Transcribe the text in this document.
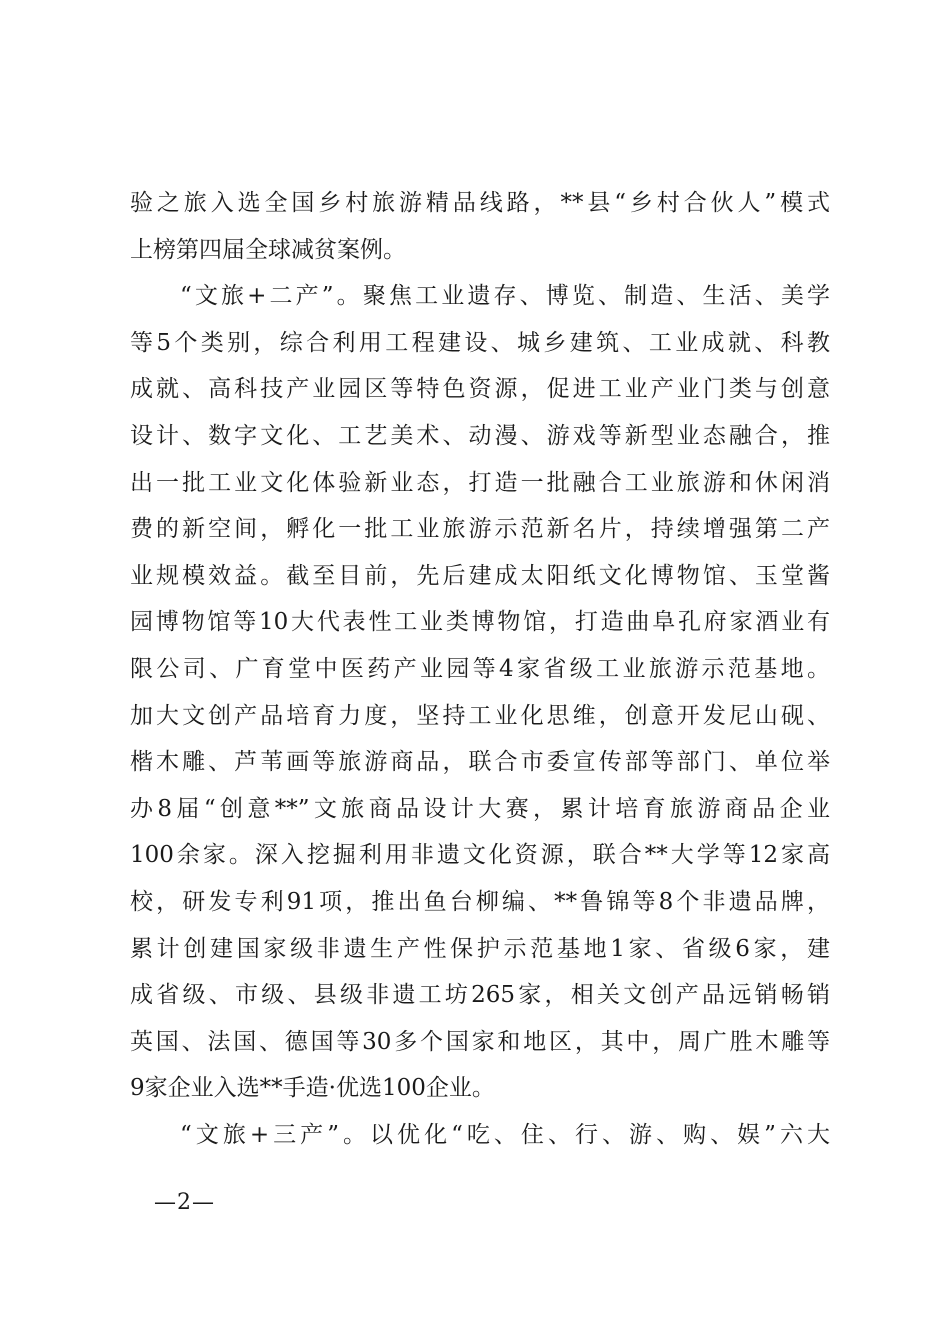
验之旅入选全国乡村旅游精品线路，**县“乡村合伙人”模式
上榜第四届全球减贫案例。
“文旅+二产”。聚焦工业遗存、博览、制造、生活、美学
等5个类别，综合利用工程建设、城乡建筑、工业成就、科教
成就、高科技产业园区等特色资源，促进工业产业门类与创意
设计、数字文化、工艺美术、动漫、游戏等新型业态融合，推
出一批工业文化体验新业态，打造一批融合工业旅游和休闲消
费的新空间，孵化一批工业旅游示范新名片，持续增强第二产
业规模效益。截至目前，先后建成太阳纸文化博物馆、玉堂酱
园博物馆等10大代表性工业类博物馆，打造曲阜孔府家酒业有
限公司、广育堂中医药产业园等4家省级工业旅游示范基地。
加大文创产品培育力度，坚持工业化思维，创意开发尼山砚、
楷木雕、芦苇画等旅游商品，联合市委宣传部等部门、单位举
办8届“创意**”文旅商品设计大赛，累计培育旅游商品企业
100余家。深入挖掘利用非遗文化资源，联合**大学等12家高
校，研发专利91项，推出鱼台柳编、**鲁锦等8个非遗品牌，
累计创建国家级非遗生产性保护示范基地1家、省级6家，建
成省级、市级、县级非遗工坊265家，相关文创产品远销畅销
英国、法国、德国等30多个国家和地区，其中，周广胜木雕等
9家企业入选**手造·优选100企业。
“文旅+三产”。以优化“吃、住、行、游、购、娱”六大
—2—
